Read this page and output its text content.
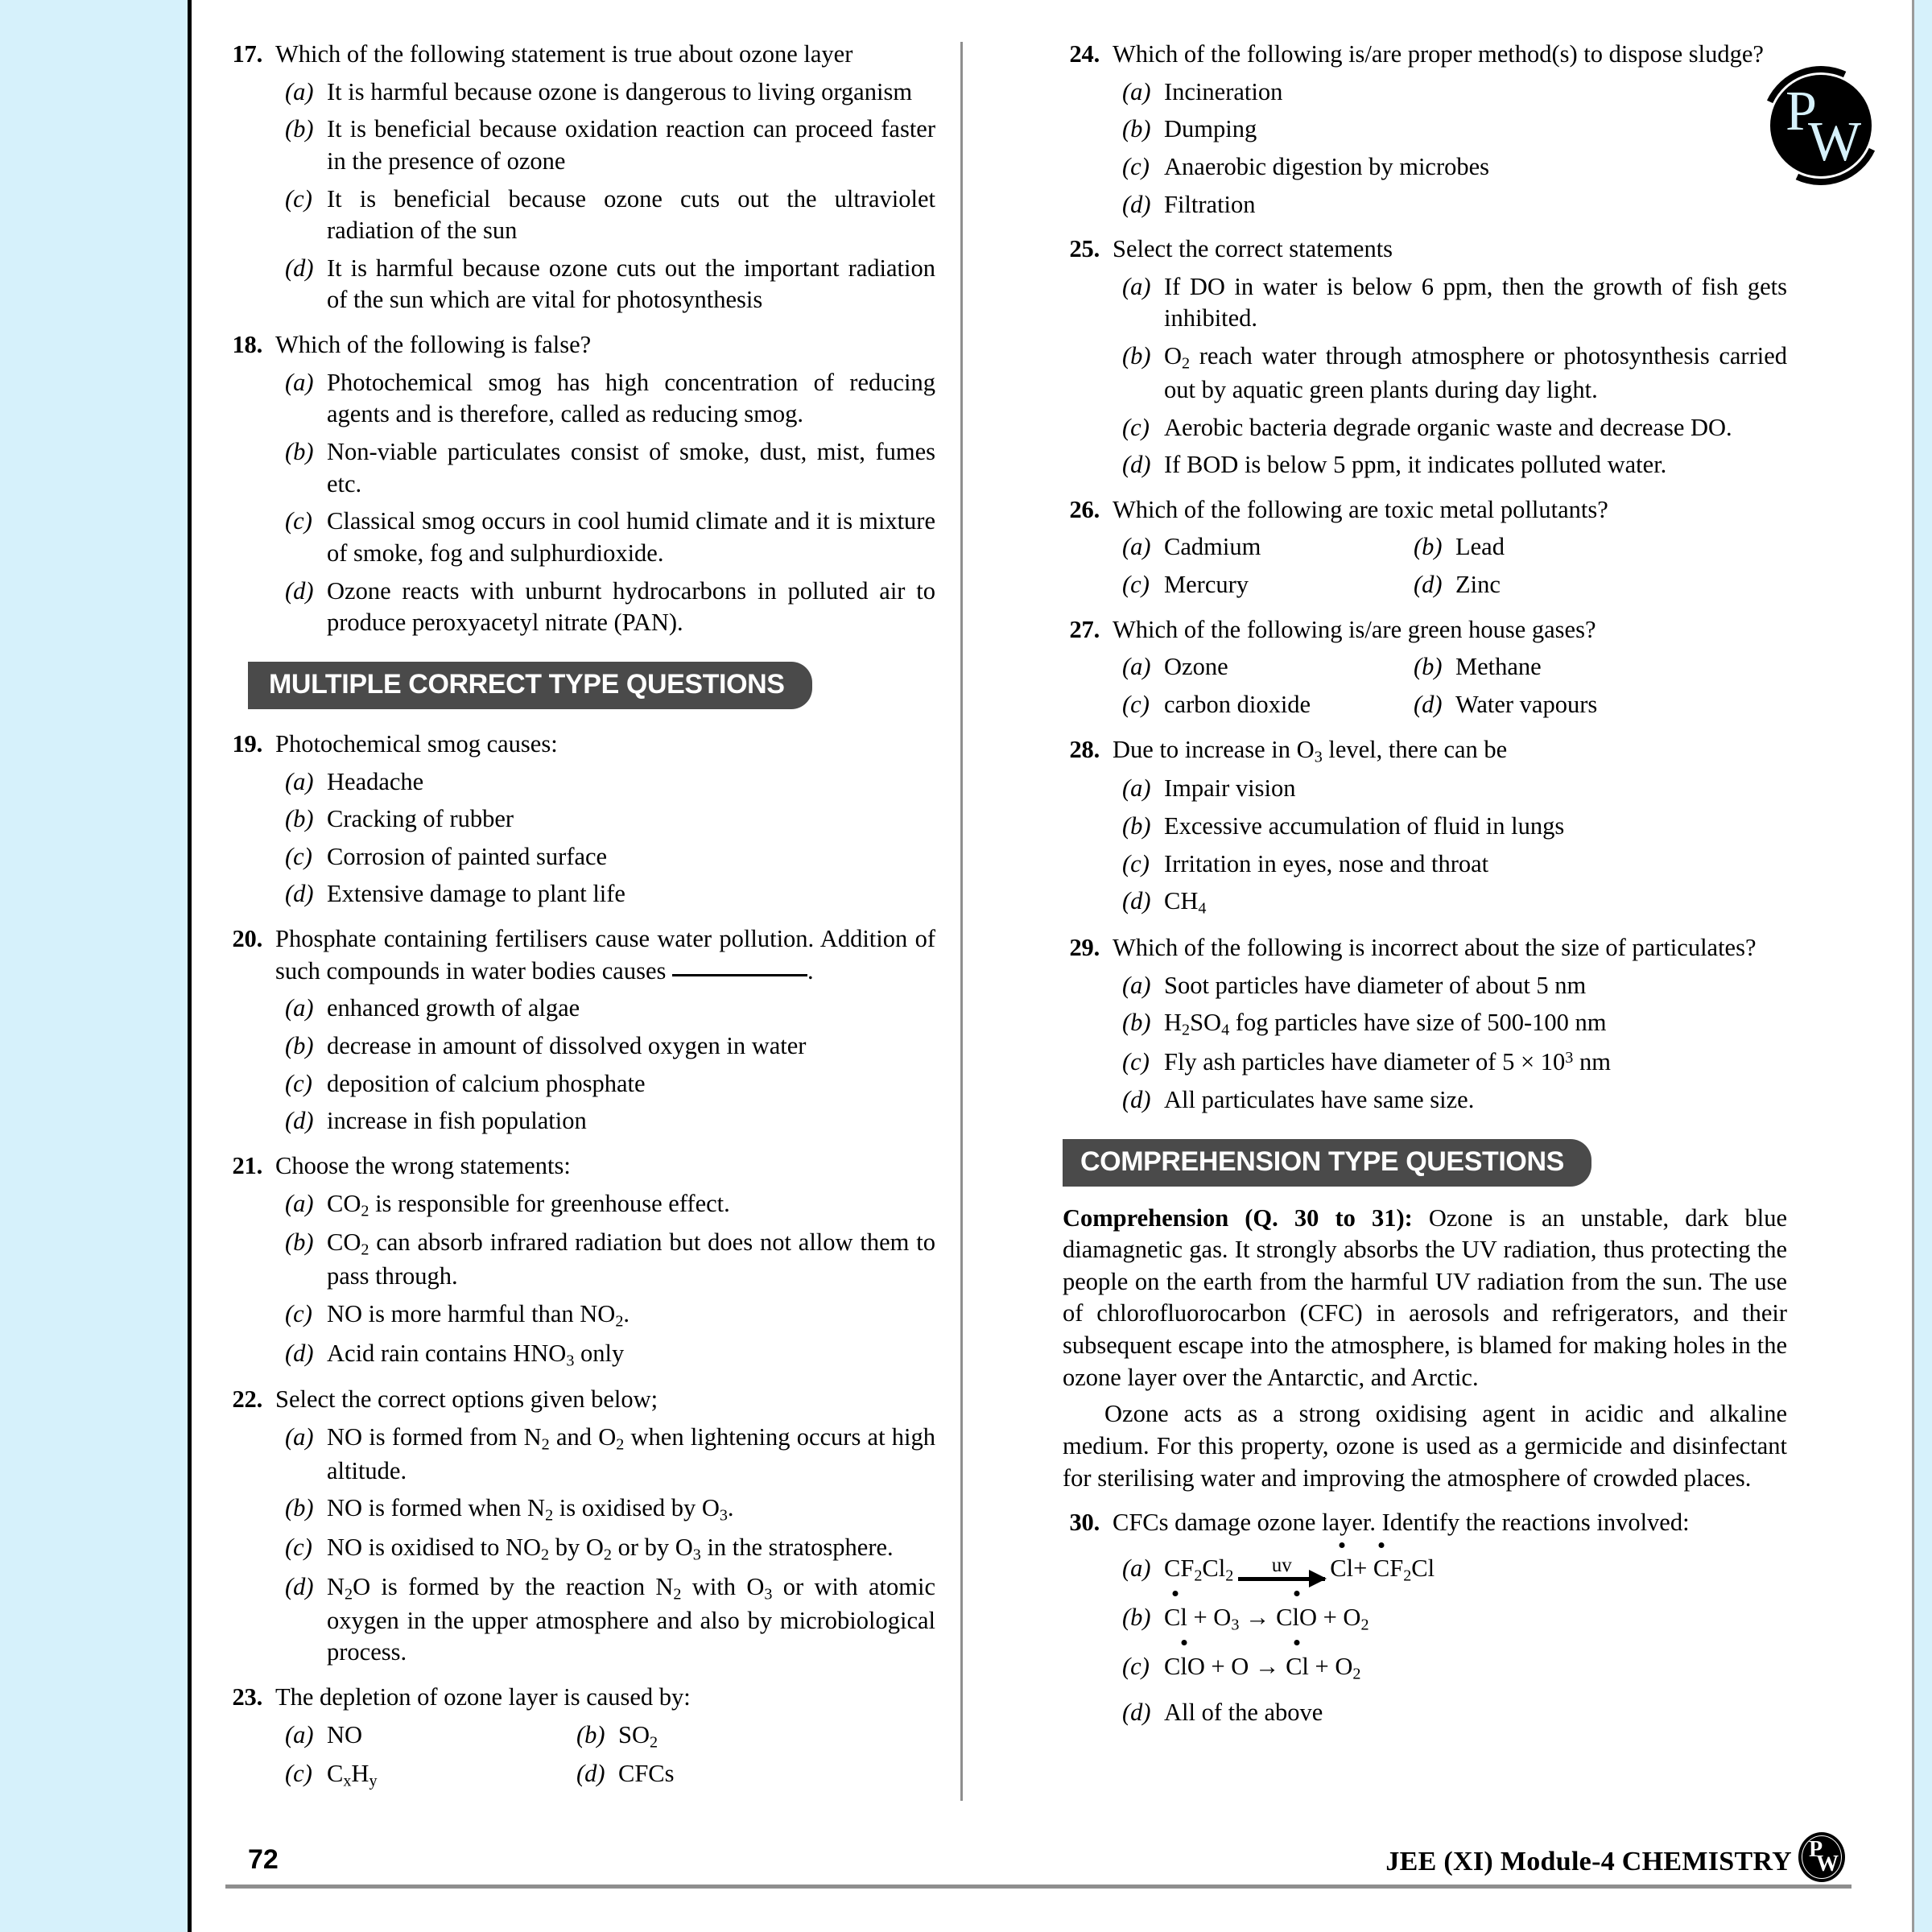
P
W
17. Which of the following statement is true about ozone layer
(a) It is harmful because ozone is dangerous to living organism
(b) It is beneficial because oxidation reaction can proceed faster in the presence of ozone
(c) It is beneficial because ozone cuts out the ultraviolet radiation of the sun
(d) It is harmful because ozone cuts out the important radiation of the sun which are vital for photosynthesis
18. Which of the following is false?
(a) Photochemical smog has high concentration of reducing agents and is therefore, called as reducing smog.
(b) Non-viable particulates consist of smoke, dust, mist, fumes etc.
(c) Classical smog occurs in cool humid climate and it is mixture of smoke, fog and sulphurdioxide.
(d) Ozone reacts with unburnt hydrocarbons in polluted air to produce peroxyacetyl nitrate (PAN).
MULTIPLE CORRECT TYPE QUESTIONS
19. Photochemical smog causes:
(a) Headache
(b) Cracking of rubber
(c) Corrosion of painted surface
(d) Extensive damage to plant life
20. Phosphate containing fertilisers cause water pollution. Addition of such compounds in water bodies causes	.
(a) enhanced growth of algae
(b) decrease in amount of dissolved oxygen in water
(c) deposition of calcium phosphate
(d) increase in fish population
21. Choose the wrong statements:
(a) $CO_2$ is responsible for greenhouse effect.
(b) $CO_2$ can absorb infrared radiation but does not allow them to pass through.
(c) NO is more harmful than $NO_2$.
(d) Acid rain contains $HNO_3$ only
22. Select the correct options given below;
(a) NO is formed from $N_2$ and $O_2$ when lightening occurs at high altitude.
(b) NO is formed when $N_2$ is oxidised by $O_3$.
(c) NO is oxidised to $NO_2$ by $O_2$ or by $O_3$ in the stratosphere.
(d) $N_2O$ is formed by the reaction $N_2$ with $O_3$ or with atomic oxygen in the upper atmosphere and also by microbiological process.
23. The depletion of ozone layer is caused by:
(a) NO	(b) $SO_2$
(c) $C_xH_y$	(d) CFCs
24. Which of the following is/are proper method(s) to dispose sludge?
(a) Incineration
(b) Dumping
(c) Anaerobic digestion by microbes
(d) Filtration
25. Select the correct statements
(a) If DO in water is below 6 ppm, then the growth of fish gets inhibited.
(b) $O_2$ reach water through atmosphere or photosynthesis carried out by aquatic green plants during day light.
(c) Aerobic bacteria degrade organic waste and decrease DO.
(d) If BOD is below 5 ppm, it indicates polluted water.
26. Which of the following are toxic metal pollutants?
(a) Cadmium	(b) Lead
(c) Mercury	(d) Zinc
27. Which of the following is/are green house gases?
(a) Ozone	(b) Methane
(c) carbon dioxide	(d) Water vapours
28. Due to increase in $O_3$ level, there can be
(a) Impair vision
(b) Excessive accumulation of fluid in lungs
(c) Irritation in eyes, nose and throat
(d) $CH_4$
29. Which of the following is incorrect about the size of particulates?
(a) Soot particles have diameter of about 5 nm
(b) $H_2SO_4$ fog particles have size of 500-100 nm
(c) Fly ash particles have diameter of $5 \times 10^3$ nm
(d) All particulates have same size.
COMPREHENSION TYPE QUESTIONS
Comprehension (Q. 30 to 31): Ozone is an unstable, dark blue diamagnetic gas. It strongly absorbs the UV radiation, thus protecting the people on the earth from the harmful UV radiation from the sun. The use of chlorofluorocarbon (CFC) in aerosols and refrigerators, and their subsequent escape into the atmosphere, is blamed for making holes in the ozone layer over the Antarctic, and Arctic.
Ozone acts as a strong oxidising agent in acidic and alkaline medium. For this property, ozone is used as a germicide and disinfectant for sterilising water and improving the atmosphere of crowded places.
30. CFCs damage ozone layer. Identify the reactions involved:
(a) $CF_2Cl_2$ uv $Cl+ CF_2Cl$
(b) $Cl + O_3$ → ClO + $O_2$
(c) ClO + $O \to Cl + O_2$
(d) All of the above
72	JEE (XI) Module-4 CHEMISTRY P
W
